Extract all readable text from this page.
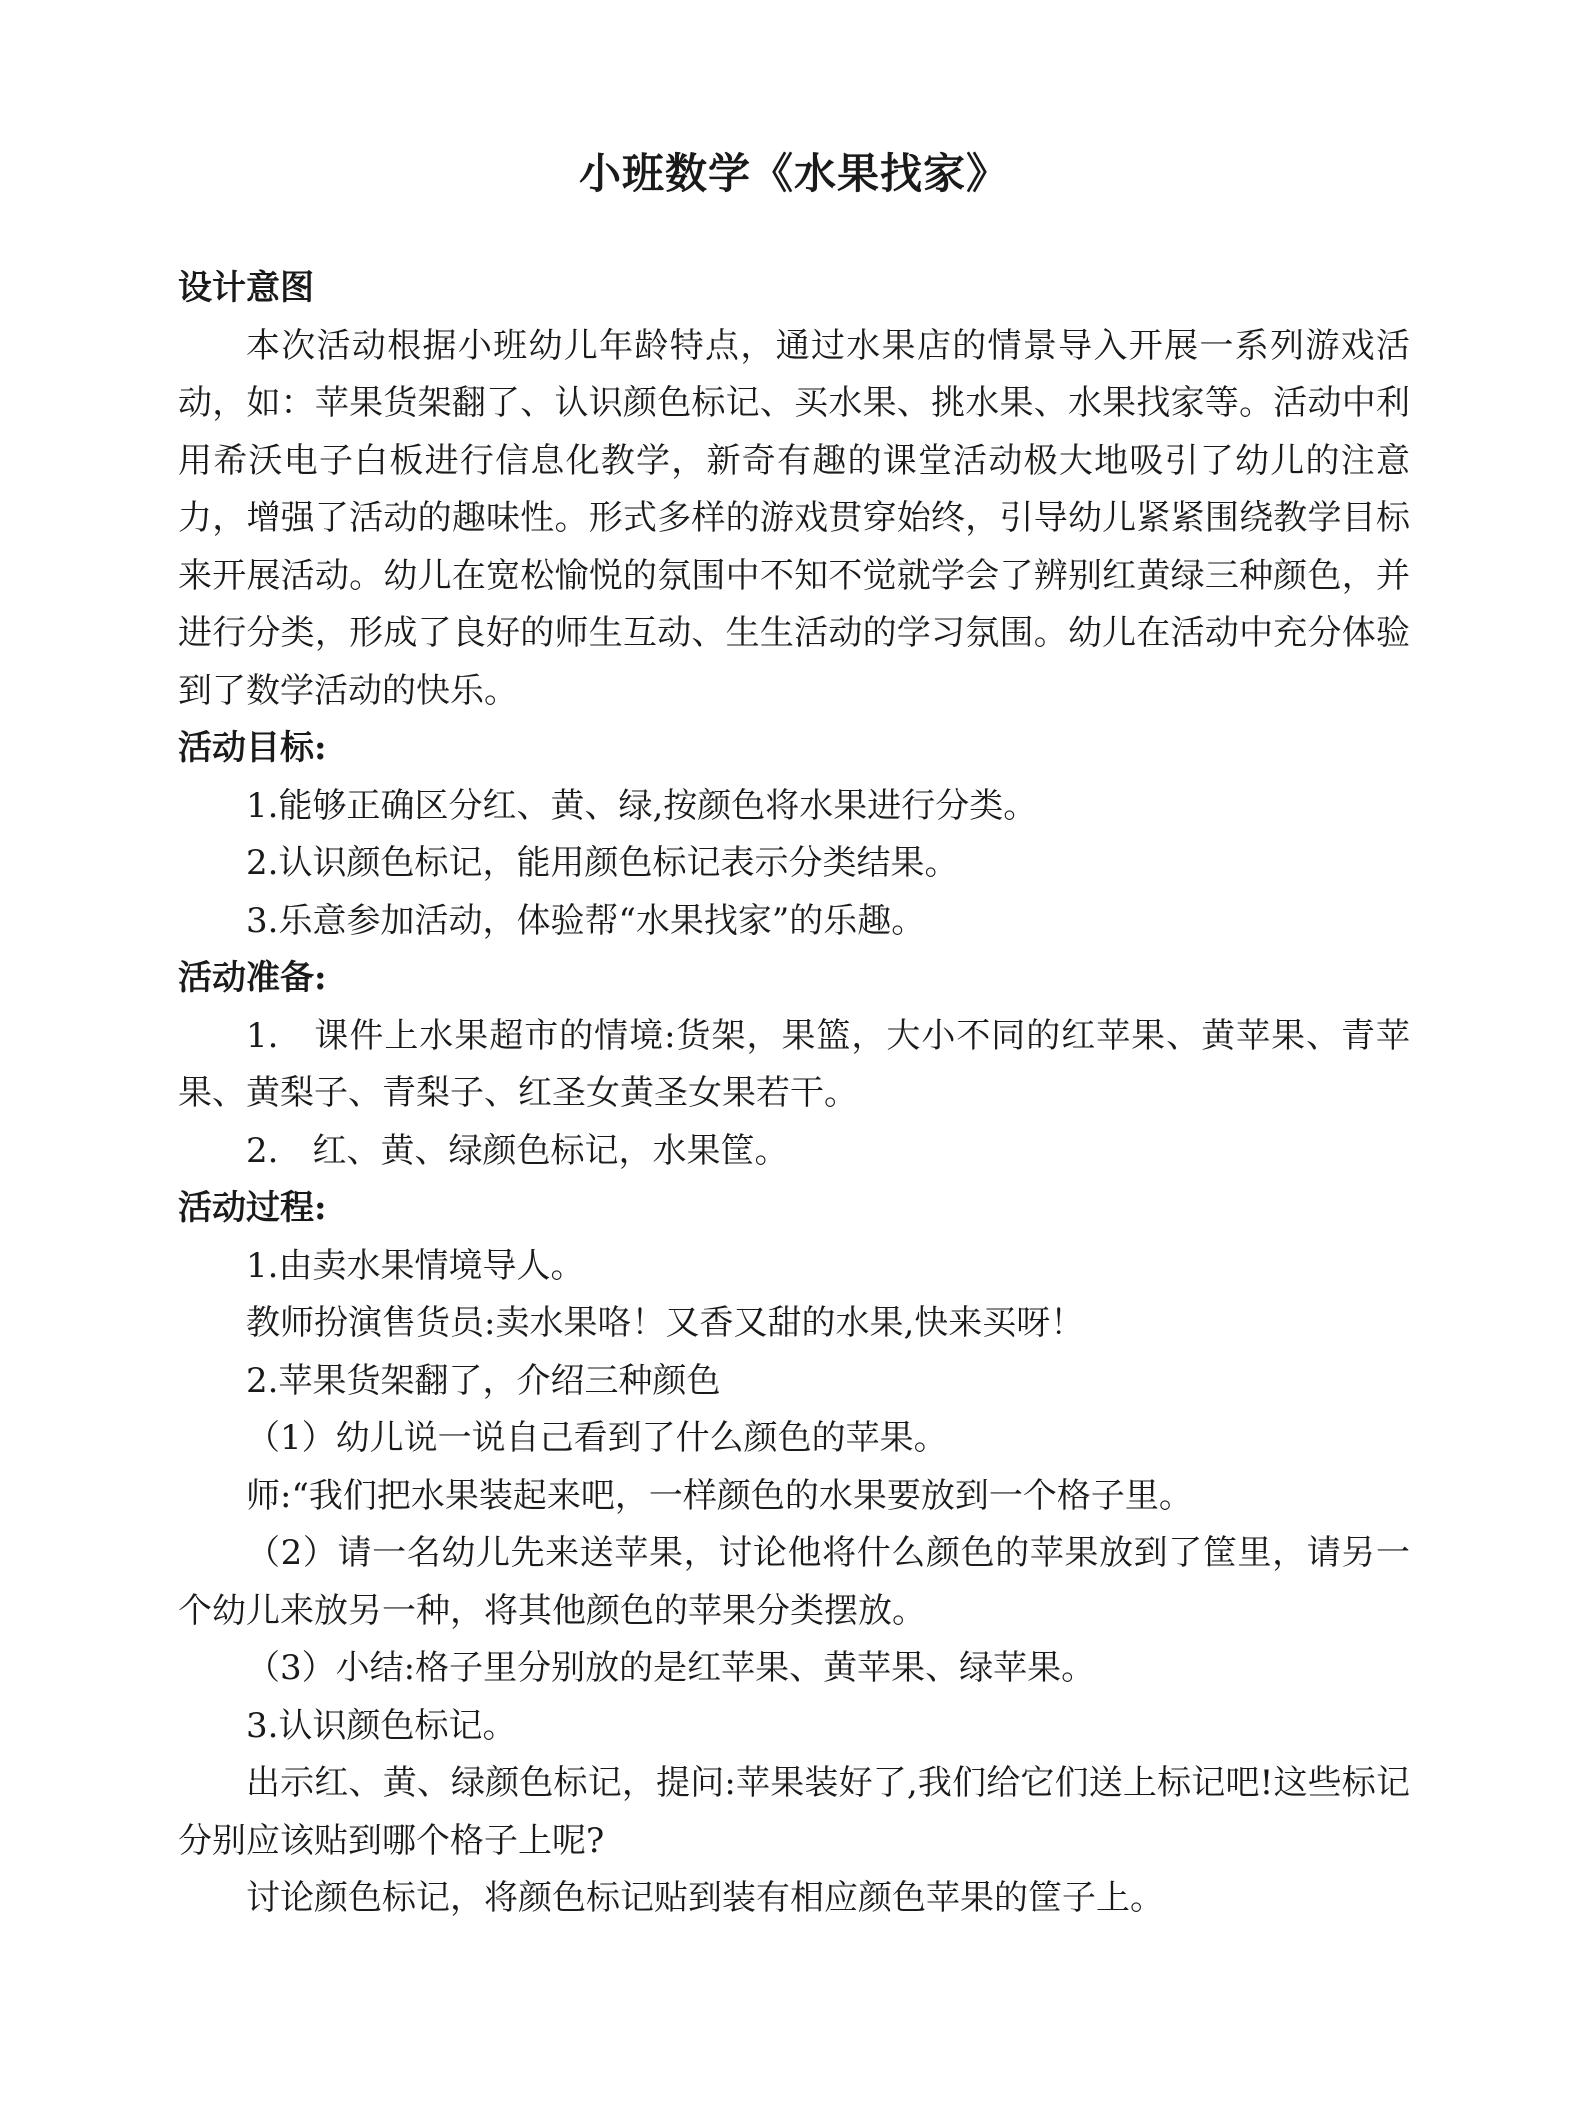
小班数学《水果找家》
设计意图

本次活动根据小班幼儿年龄特点，通过水果店的情景导入开展一系列游戏活动，如：苹果货架翻了、认识颜色标记、买水果、挑水果、水果找家等。活动中利用希沃电子白板进行信息化教学，新奇有趣的课堂活动极大地吸引了幼儿的注意力，增强了活动的趣味性。形式多样的游戏贯穿始终，引导幼儿紧紧围绕教学目标来开展活动。幼儿在宽松愉悦的氛围中不知不觉就学会了辨别红黄绿三种颜色，并进行分类，形成了良好的师生互动、生生活动的学习氛围。幼儿在活动中充分体验到了数学活动的快乐。

活动目标:

1.能够正确区分红、黄、绿,按颜色将水果进行分类。

2.认识颜色标记，能用颜色标记表示分类结果。

3.乐意参加活动，体验帮“水果找家”的乐趣。

活动准备:

1.　课件上水果超市的情境:货架，果篮，大小不同的红苹果、黄苹果、青苹果、黄梨子、青梨子、红圣女黄圣女果若干。

2.　红、黄、绿颜色标记，水果筐。

活动过程:

1.由卖水果情境导人。

教师扮演售货员:卖水果咯！又香又甜的水果,快来买呀！

2.苹果货架翻了，介绍三种颜色

（1）幼儿说一说自己看到了什么颜色的苹果。

师:“我们把水果装起来吧，一样颜色的水果要放到一个格子里。

（2）请一名幼儿先来送苹果，讨论他将什么颜色的苹果放到了筐里，请另一个幼儿来放另一种，将其他颜色的苹果分类摆放。

（3）小结:格子里分别放的是红苹果、黄苹果、绿苹果。

3.认识颜色标记。

出示红、黄、绿颜色标记，提问:苹果装好了,我们给它们送上标记吧!这些标记分别应该贴到哪个格子上呢?

讨论颜色标记，将颜色标记贴到装有相应颜色苹果的筐子上。
